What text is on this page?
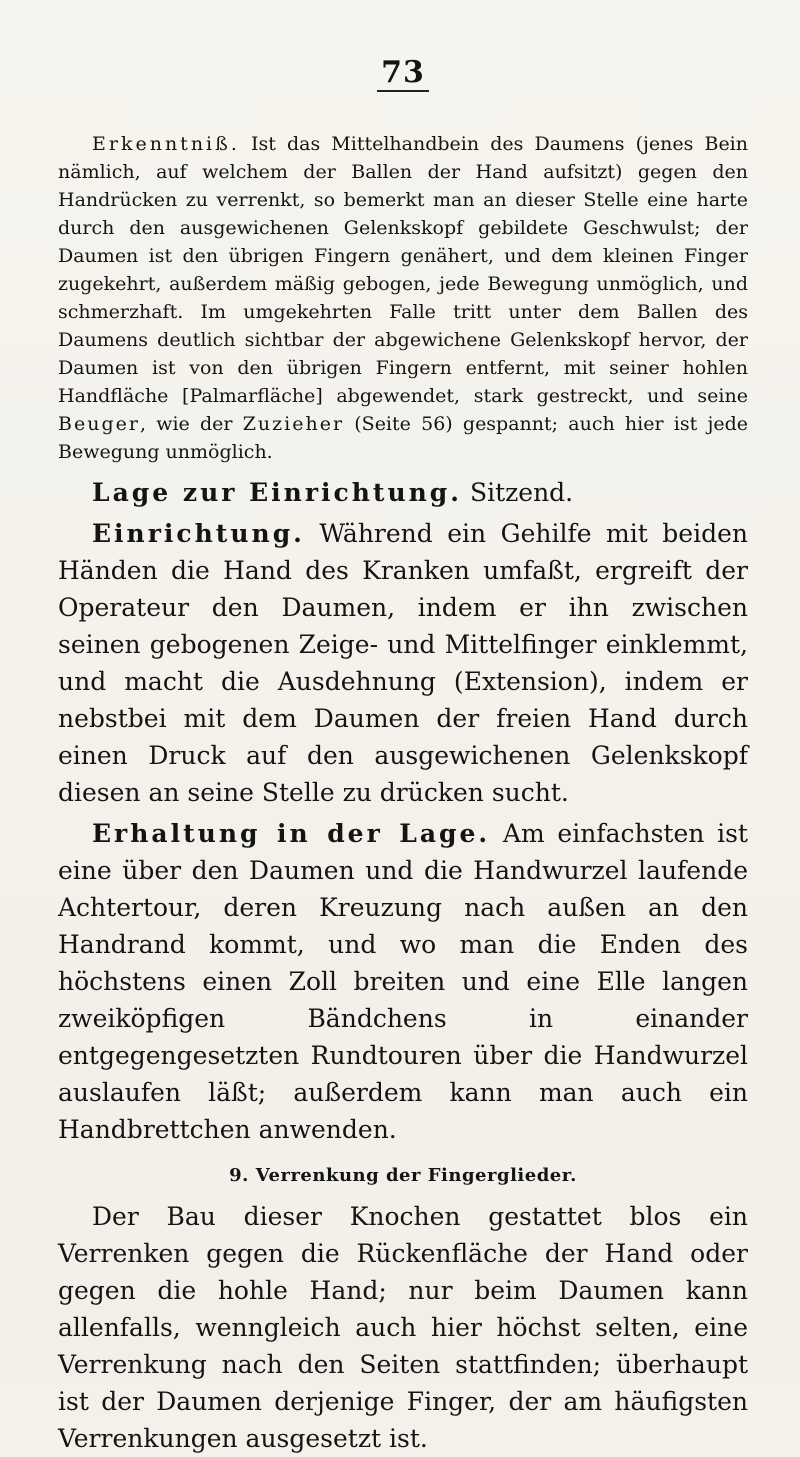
73

Erkenntniß. Ist das Mittelhandbein des Daumens (jenes Bein nämlich, auf welchem der Ballen der Hand aufsitzt) gegen den Handrücken zu verrenkt, so bemerkt man an dieser Stelle eine harte durch den ausgewichenen Gelenkskopf gebildete Geschwulst; der Daumen ist den übrigen Fingern genähert, und dem kleinen Finger zugekehrt, außerdem mäßig gebogen, jede Bewegung unmöglich, und schmerzhaft. Im umgekehrten Falle tritt unter dem Ballen des Daumens deutlich sichtbar der abgewichene Gelenkskopf hervor, der Daumen ist von den übrigen Fingern entfernt, mit seiner hohlen Handfläche [Palmarfläche] abgewendet, stark gestreckt, und seine Beuger, wie der Zuzieher (Seite 56) gespannt; auch hier ist jede Bewegung unmöglich.

Lage zur Einrichtung. Sitzend.

Einrichtung. Während ein Gehilfe mit beiden Händen die Hand des Kranken umfaßt, ergreift der Operateur den Daumen, indem er ihn zwischen seinen gebogenen Zeige- und Mittelfinger einklemmt, und macht die Ausdehnung (Extension), indem er nebstbei mit dem Daumen der freien Hand durch einen Druck auf den ausgewichenen Gelenkskopf diesen an seine Stelle zu drücken sucht.

Erhaltung in der Lage. Am einfachsten ist eine über den Daumen und die Handwurzel laufende Achtertour, deren Kreuzung nach außen an den Handrand kommt, und wo man die Enden des höchstens einen Zoll breiten und eine Elle langen zweiköpfigen Bändchens in einander entgegengesetzten Rundtouren über die Handwurzel auslaufen läßt; außerdem kann man auch ein Handbrettchen anwenden.

9. Verrenkung der Fingerglieder.

Der Bau dieser Knochen gestattet blos ein Verrenken gegen die Rückenfläche der Hand oder gegen die hohle Hand; nur beim Daumen kann allenfalls, wenngleich auch hier höchst selten, eine Verrenkung nach den Seiten stattfinden; überhaupt ist der Daumen derjenige Finger, der am häufigsten Verrenkungen ausgesetzt ist.
